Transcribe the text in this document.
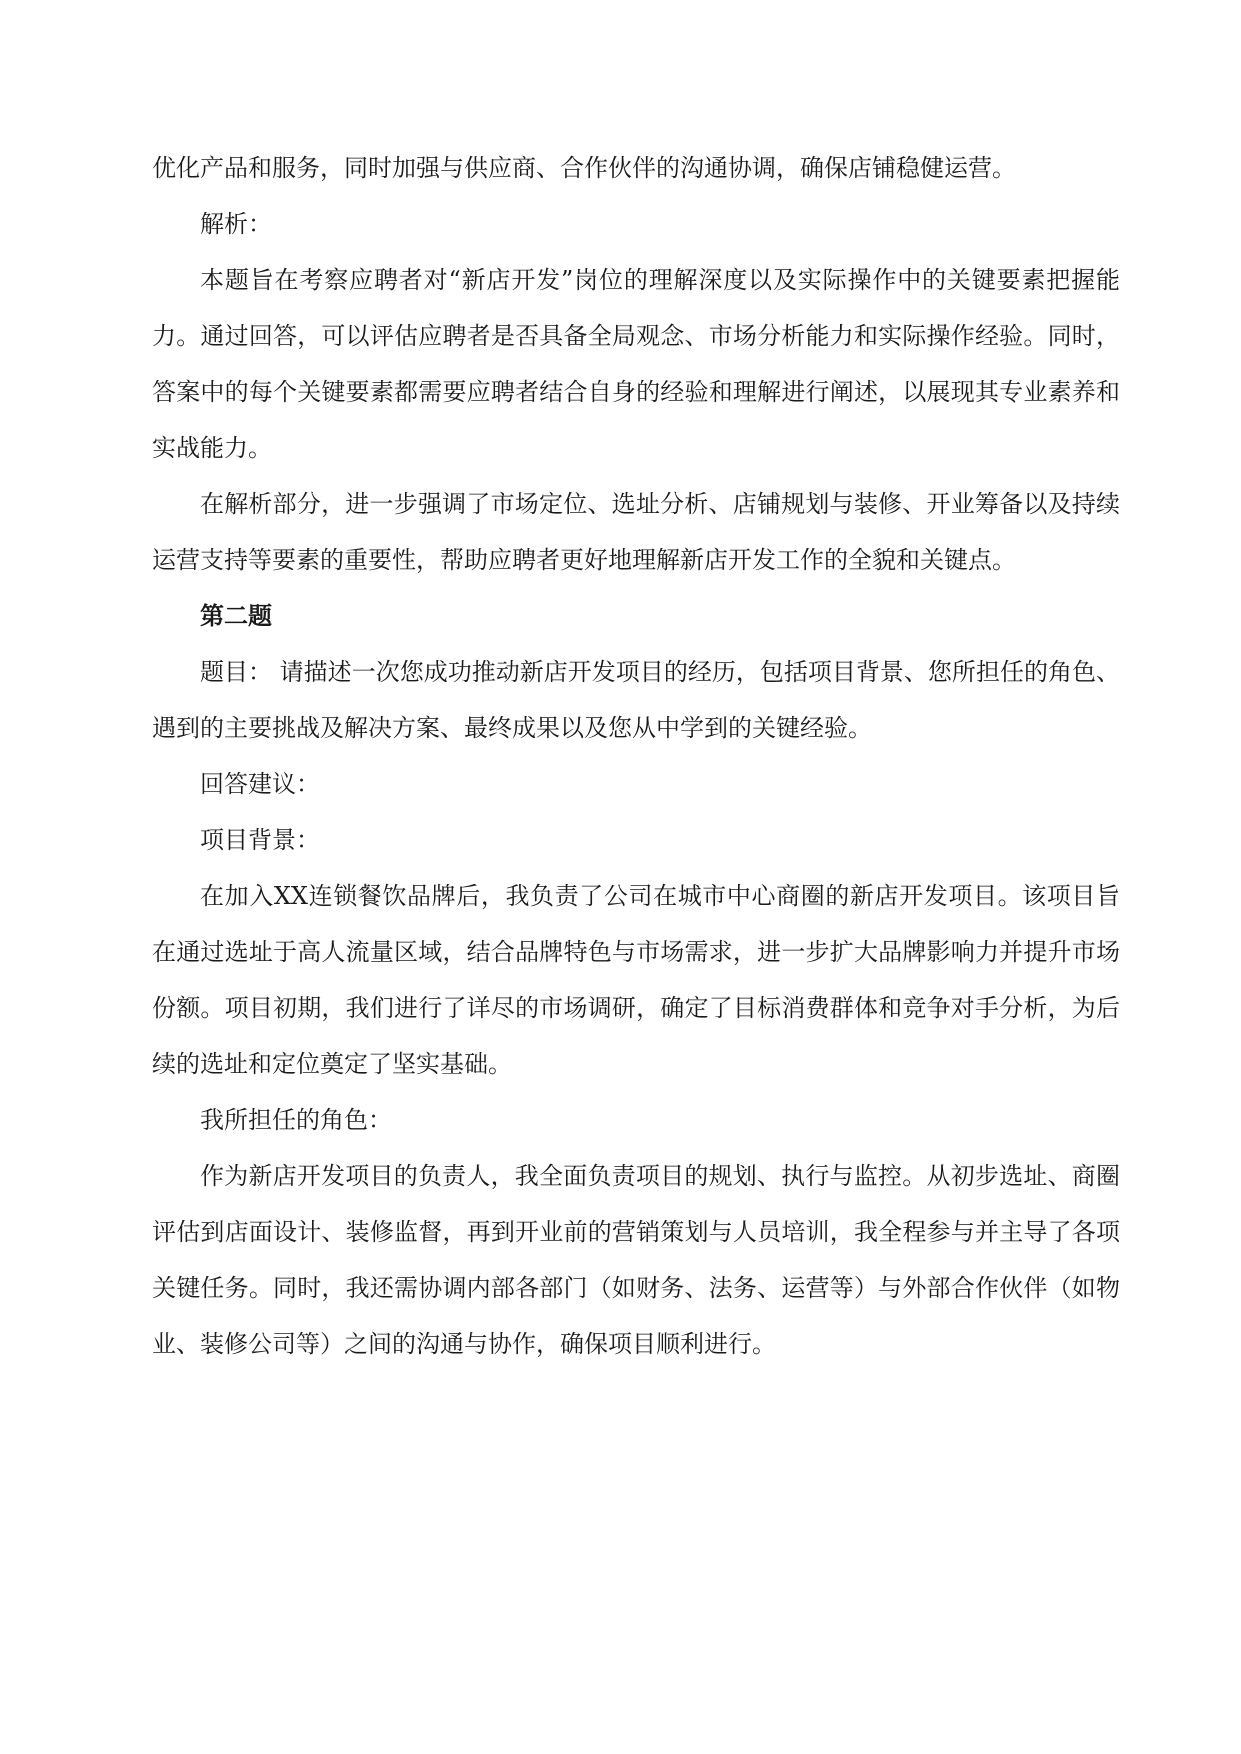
优化产品和服务，同时加强与供应商、合作伙伴的沟通协调，确保店铺稳健运营。

解析：

本题旨在考察应聘者对“新店开发”岗位的理解深度以及实际操作中的关键要素把握能力。通过回答，可以评估应聘者是否具备全局观念、市场分析能力和实际操作经验。同时，答案中的每个关键要素都需要应聘者结合自身的经验和理解进行阐述，以展现其专业素养和实战能力。

在解析部分，进一步强调了市场定位、选址分析、店铺规划与装修、开业筹备以及持续运营支持等要素的重要性，帮助应聘者更好地理解新店开发工作的全貌和关键点。

第二题

题目： 请描述一次您成功推动新店开发项目的经历，包括项目背景、您所担任的角色、遇到的主要挑战及解决方案、最终成果以及您从中学到的关键经验。

回答建议：

项目背景：

在加入XX连锁餐饮品牌后，我负责了公司在城市中心商圈的新店开发项目。该项目旨在通过选址于高人流量区域，结合品牌特色与市场需求，进一步扩大品牌影响力并提升市场份额。项目初期，我们进行了详尽的市场调研，确定了目标消费群体和竞争对手分析，为后续的选址和定位奠定了坚实基础。

我所担任的角色：

作为新店开发项目的负责人，我全面负责项目的规划、执行与监控。从初步选址、商圈评估到店面设计、装修监督，再到开业前的营销策划与人员培训，我全程参与并主导了各项关键任务。同时，我还需协调内部各部门（如财务、法务、运营等）与外部合作伙伴（如物业、装修公司等）之间的沟通与协作，确保项目顺利进行。
